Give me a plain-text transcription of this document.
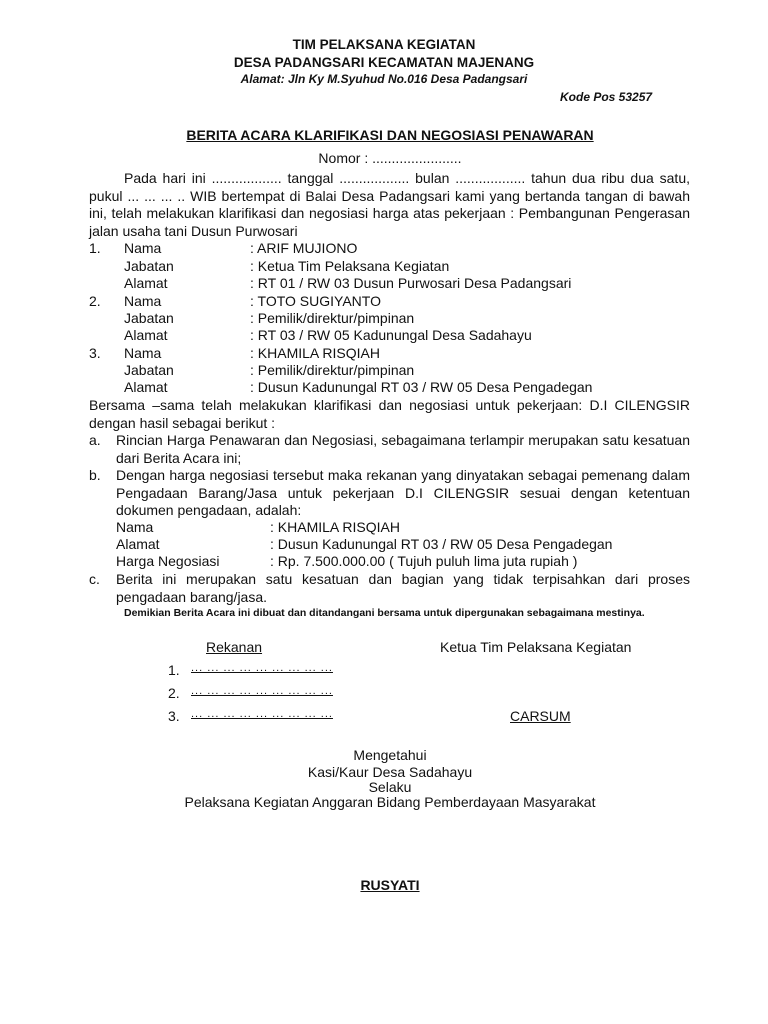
TIM PELAKSANA KEGIATAN
DESA PADANGSARI KECAMATAN MAJENANG
Alamat: Jln Ky M.Syuhud No.016 Desa Padangsari
Kode Pos 53257
BERITA ACARA KLARIFIKASI DAN NEGOSIASI PENAWARAN
Nomor : .......................
Pada hari ini .................. tanggal .................. bulan .................. tahun dua ribu dua satu, pukul ... ... ... .. WIB bertempat di Balai Desa Padangsari kami yang bertanda tangan di bawah ini, telah melakukan klarifikasi dan negosiasi harga atas pekerjaan : Pembangunan Pengerasan jalan usaha tani Dusun Purwosari
1. Nama	: ARIF MUJIONO
Jabatan	: Ketua Tim Pelaksana Kegiatan
Alamat	: RT 01 / RW 03 Dusun Purwosari Desa Padangsari
2. Nama	: TOTO SUGIYANTO
Jabatan	: Pemilik/direktur/pimpinan
Alamat	: RT 03 / RW 05 Kadunungal Desa Sadahayu
3. Nama	: KHAMILA RISQIAH
Jabatan	: Pemilik/direktur/pimpinan
Alamat	: Dusun Kadunungal RT 03 / RW 05 Desa Pengadegan
Bersama –sama telah melakukan klarifikasi dan negosiasi untuk pekerjaan: D.I CILENGSIR dengan hasil sebagai berikut :
a. Rincian Harga Penawaran dan Negosiasi, sebagaimana terlampir merupakan satu kesatuan dari Berita Acara ini;
b. Dengan harga negosiasi tersebut maka rekanan yang dinyatakan sebagai pemenang dalam Pengadaan Barang/Jasa untuk pekerjaan D.I CILENGSIR sesuai dengan ketentuan dokumen pengadaan, adalah:
Nama	: KHAMILA RISQIAH
Alamat	: Dusun Kadunungal RT 03 / RW 05 Desa Pengadegan
Harga Negosiasi	: Rp. 7.500.000.00 ( Tujuh puluh lima juta rupiah )
c. Berita ini merupakan satu kesatuan dan bagian yang tidak terpisahkan dari proses pengadaan barang/jasa.
Demikian Berita Acara ini dibuat dan ditandangani bersama untuk dipergunakan sebagaimana mestinya.
Rekanan	Ketua Tim Pelaksana Kegiatan
1. ... ... ... ... ... ... ... ... ...
2. ... ... ... ... ... ... ... ... ...
3. ... ... ... ... ... ... ... ... ...	CARSUM
Mengetahui
Kasi/Kaur Desa Sadahayu
Selaku
Pelaksana Kegiatan Anggaran Bidang Pemberdayaan Masyarakat
RUSYATI
